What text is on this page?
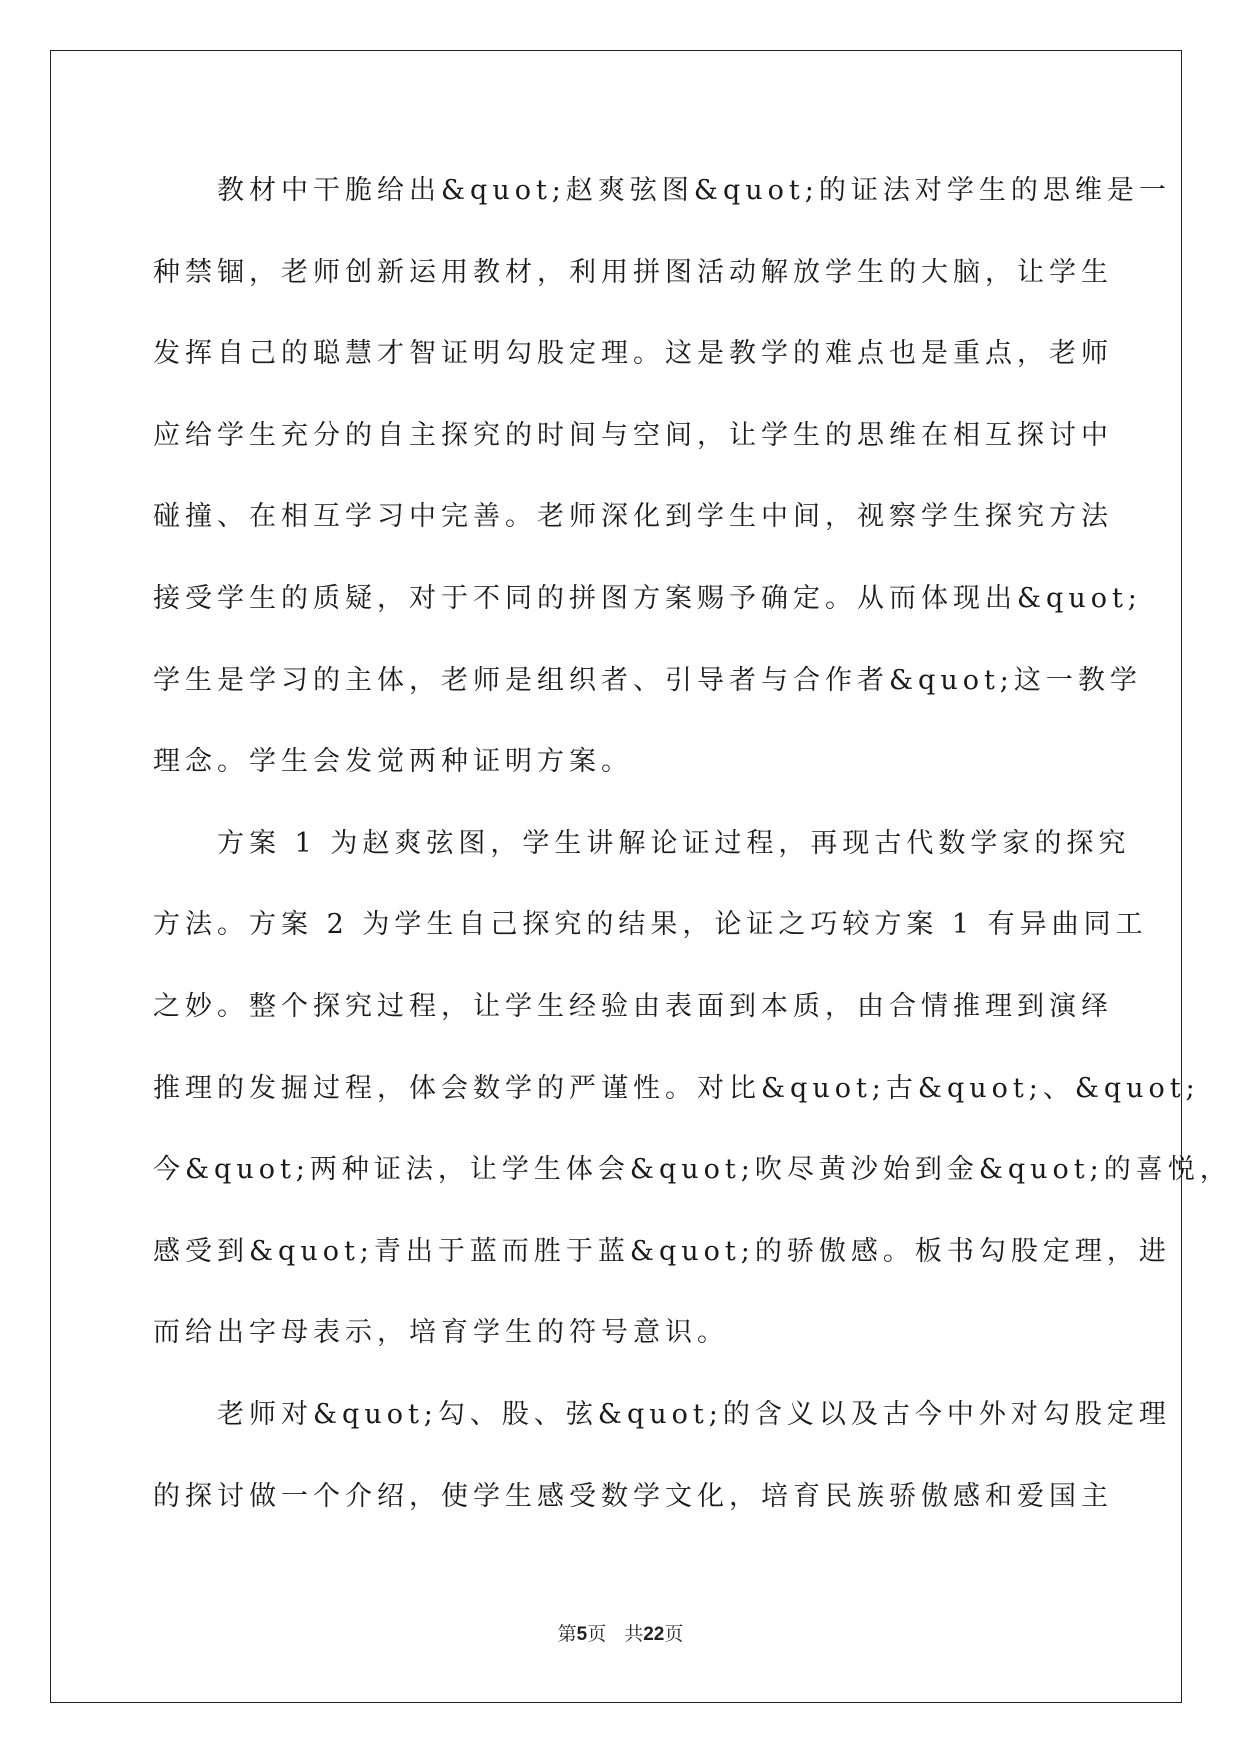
　　教材中干脆给出&quot;赵爽弦图&quot;的证法对学生的思维是一
种禁锢，老师创新运用教材，利用拼图活动解放学生的大脑，让学生
发挥自己的聪慧才智证明勾股定理。这是教学的难点也是重点，老师
应给学生充分的自主探究的时间与空间，让学生的思维在相互探讨中
碰撞、在相互学习中完善。老师深化到学生中间，视察学生探究方法
接受学生的质疑，对于不同的拼图方案赐予确定。从而体现出&quot;
学生是学习的主体，老师是组织者、引导者与合作者&quot;这一教学
理念。学生会发觉两种证明方案。
　　方案 1 为赵爽弦图，学生讲解论证过程，再现古代数学家的探究
方法。方案 2 为学生自己探究的结果，论证之巧较方案 1 有异曲同工
之妙。整个探究过程，让学生经验由表面到本质，由合情推理到演绎
推理的发掘过程，体会数学的严谨性。对比&quot;古&quot;、&quot;
今&quot;两种证法，让学生体会&quot;吹尽黄沙始到金&quot;的喜悦，
感受到&quot;青出于蓝而胜于蓝&quot;的骄傲感。板书勾股定理，进
而给出字母表示，培育学生的符号意识。
　　老师对&quot;勾、股、弦&quot;的含义以及古今中外对勾股定理
的探讨做一个介绍，使学生感受数学文化，培育民族骄傲感和爱国主
第5页 共22页
